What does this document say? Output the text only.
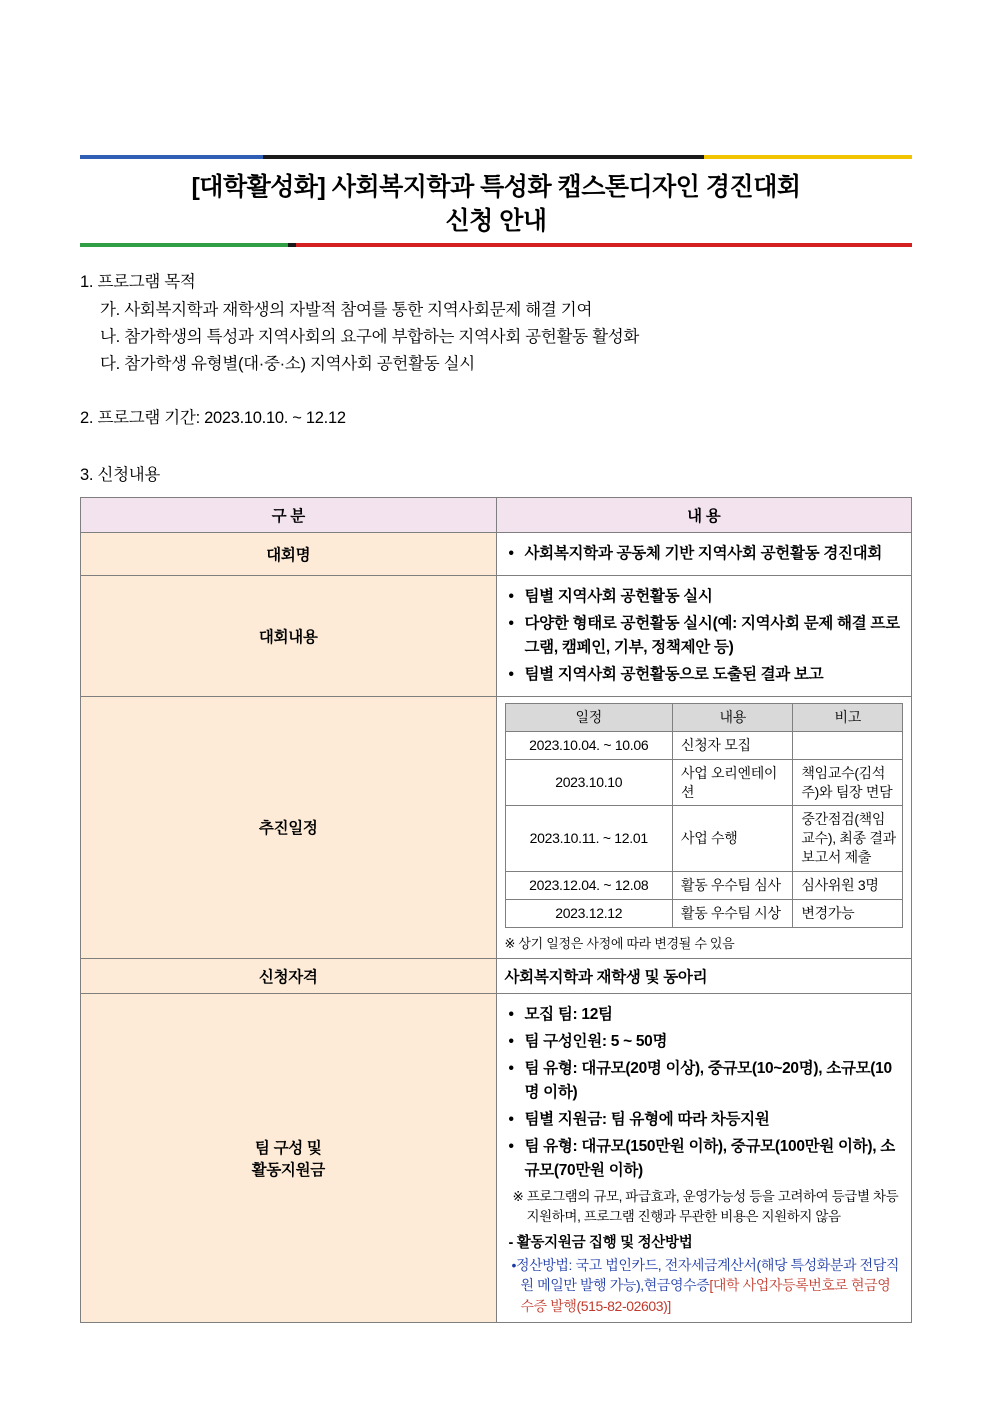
[대학활성화] 사회복지학과 특성화 캡스톤디자인 경진대회
신청 안내
1. 프로그램 목적
가. 사회복지학과 재학생의 자발적 참여를 통한 지역사회문제 해결 기여
나. 참가학생의 특성과 지역사회의 요구에 부합하는 지역사회 공헌활동 활성화
다. 참가학생 유형별(대·중·소) 지역사회 공헌활동 실시
2. 프로그램 기간: 2023.10.10. ~ 12.12
3. 신청내용
구 분	내 용
대회명	
•사회복지학과 공동체 기반 지역사회 공헌활동 경진대회

대회내용	
• 팀별 지역사회 공헌활동 실시
• 다양한 형태로 공헌활동 실시(예: 지역사회 문제 해결 프로그램, 캠페인, 기부, 정책제안 등)
• 팀별 지역사회 공헌활동으로 도출된 결과 보고

추진일정	
일정	내용	비고
2023.10.04. ~ 10.06	신청자 모집	
2023.10.10	사업 오리엔테이션	책임교수(김석주)와 팀장 면담
2023.10.11. ~ 12.01	사업 수행	중간점검(책임교수), 최종 결과보고서 제출
2023.12.04. ~ 12.08	활동 우수팀 심사	심사위원 3명
2023.12.12	활동 우수팀 시상	변경가능
※ 상기 일정은 사정에 따라 변경될 수 있음

신청자격	사회복지학과 재학생 및 동아리

팀 구성 및
활동지원금

• 모집 팀: 12팀
• 팀 구성인원: 5 ~ 50명
• 팀 유형: 대규모(20명 이상), 중규모(10~20명), 소규모(10명 이하)
• 팀별 지원금: 팀 유형에 따라 차등지원
• 팀 유형: 대규모(150만원 이하), 중규모(100만원 이하), 소규모(70만원 이하)
※ 프로그램의 규모, 파급효과, 운영가능성 등을 고려하여 등급별 차등 지원하며, 프로그램 진행과 무관한 비용은 지원하지 않음
- 활동지원금 집행 및 정산방법
•정산방법: 국고 법인카드, 전자세금계산서(해당 특성화분과 전담직원 메일만 발행 가능),현금영수증[대학 사업자등록번호로 현금영수증 발행(515-82-02603)]
